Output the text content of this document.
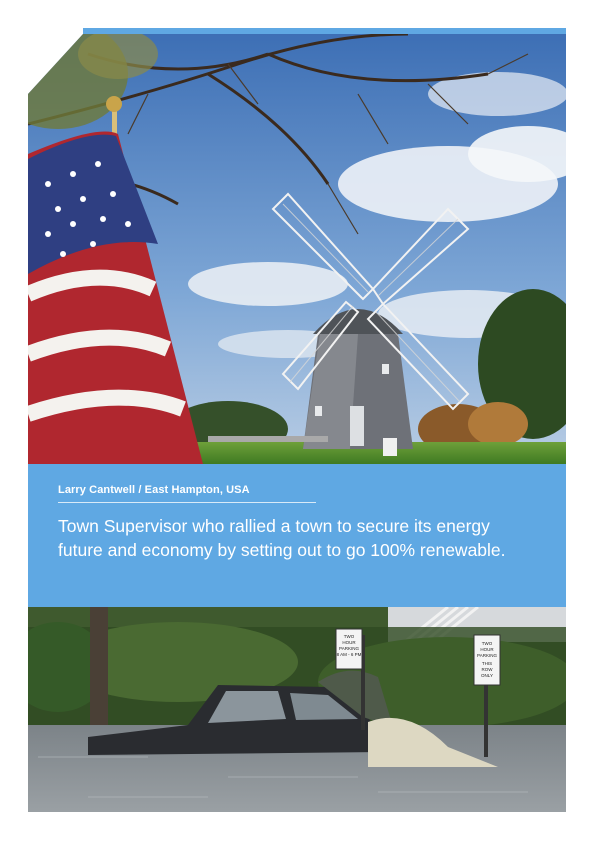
Larry Cantwell / East Hampton, USA
Town Supervisor who rallied a town to secure its energy future and economy by setting out to go 100% renewable.
TWO
HOUR
PARKING
8 AM - 6 PM
TWO
HOUR
PARKING
THIS
ROW
ONLY
